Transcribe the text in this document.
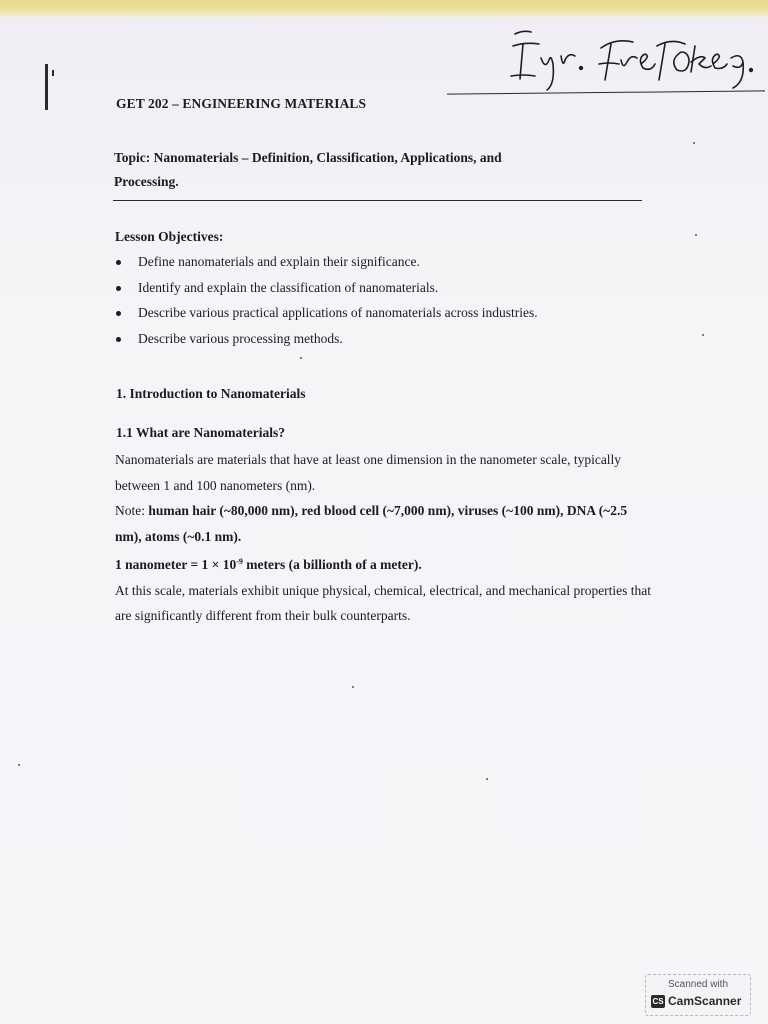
GET 202 – ENGINEERING MATERIALS
Topic: Nanomaterials – Definition, Classification, Applications, and
Processing.
Lesson Objectives:
Define nanomaterials and explain their significance.
Identify and explain the classification of nanomaterials.
Describe various practical applications of nanomaterials across industries.
Describe various processing methods.
1. Introduction to Nanomaterials
1.1 What are Nanomaterials?

Nanomaterials are materials that have at least one dimension in the nanometer scale, typically between 1 and 100 nanometers (nm).

Note: human hair (~80,000 nm), red blood cell (~7,000 nm), viruses (~100 nm), DNA (~2.5 nm), atoms (~0.1 nm).

1 nanometer = $1 \times 10^{-9}$ meters (a billionth of a meter).

At this scale, materials exhibit unique physical, chemical, electrical, and mechanical properties that are significantly different from their bulk counterparts.

Scanned with
CS CamScanner
